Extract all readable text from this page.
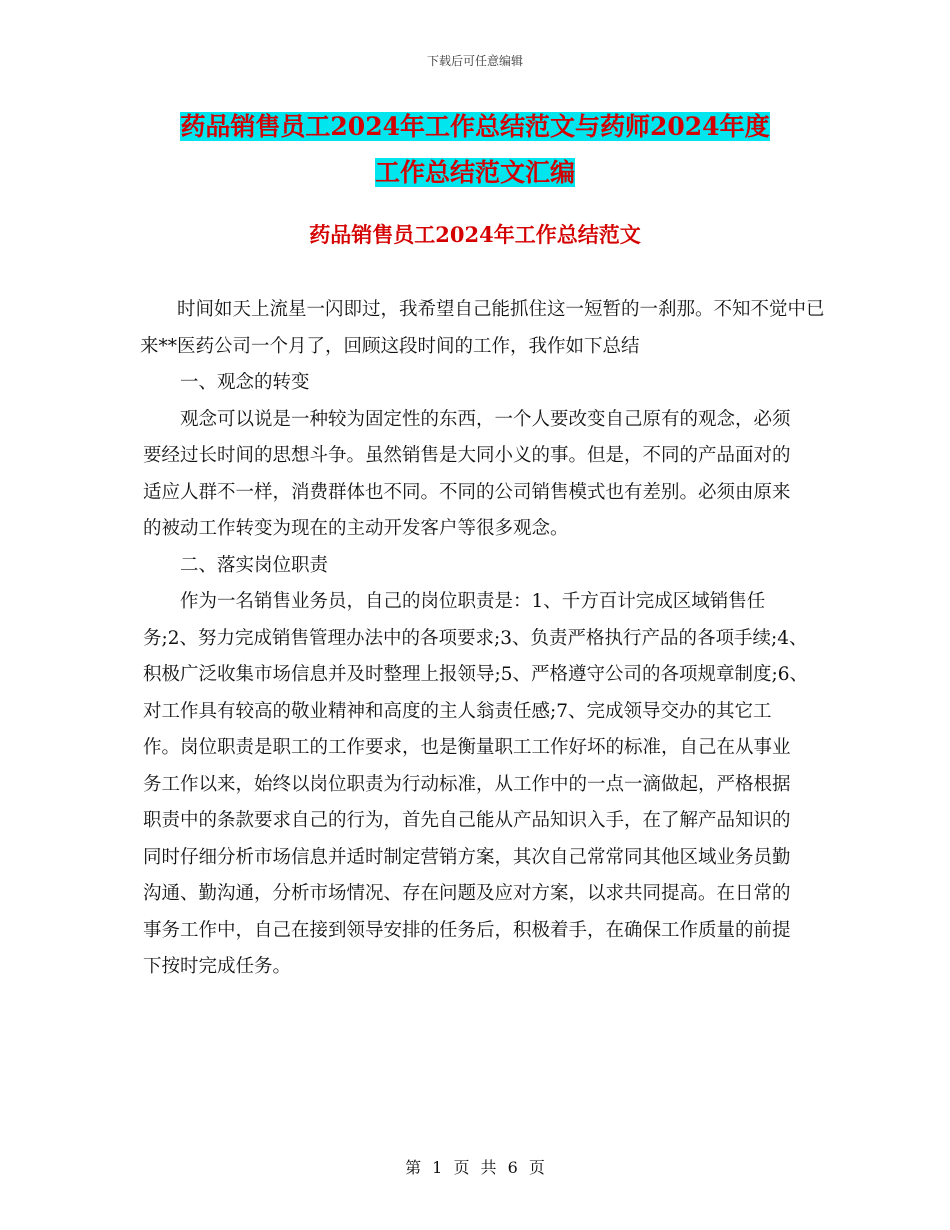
下载后可任意编辑
药品销售员工2024年工作总结范文与药师2024年度
工作总结范文汇编
药品销售员工2024年工作总结范文

时间如天上流星一闪即过，我希望自己能抓住这一短暂的一刹那。不知不觉中已来**医药公司一个月了，回顾这段时间的工作，我作如下总结

一、观念的转变

观念可以说是一种较为固定性的东西，一个人要改变自己原有的观念，必须要经过长时间的思想斗争。虽然销售是大同小义的事。但是，不同的产品面对的适应人群不一样，消费群体也不同。不同的公司销售模式也有差别。必须由原来的被动工作转变为现在的主动开发客户等很多观念。

二、落实岗位职责

作为一名销售业务员，自己的岗位职责是：1、千方百计完成区域销售任务;2、努力完成销售管理办法中的各项要求;3、负责严格执行产品的各项手续;4、积极广泛收集市场信息并及时整理上报领导;5、严格遵守公司的各项规章制度;6、对工作具有较高的敬业精神和高度的主人翁责任感;7、完成领导交办的其它工作。岗位职责是职工的工作要求，也是衡量职工工作好坏的标准，自己在从事业务工作以来，始终以岗位职责为行动标准，从工作中的一点一滴做起，严格根据职责中的条款要求自己的行为，首先自己能从产品知识入手，在了解产品知识的同时仔细分析市场信息并适时制定营销方案，其次自己常常同其他区域业务员勤沟通、勤沟通，分析市场情况、存在问题及应对方案，以求共同提高。在日常的事务工作中，自己在接到领导安排的任务后，积极着手，在确保工作质量的前提下按时完成任务。

第 1 页 共 6 页
